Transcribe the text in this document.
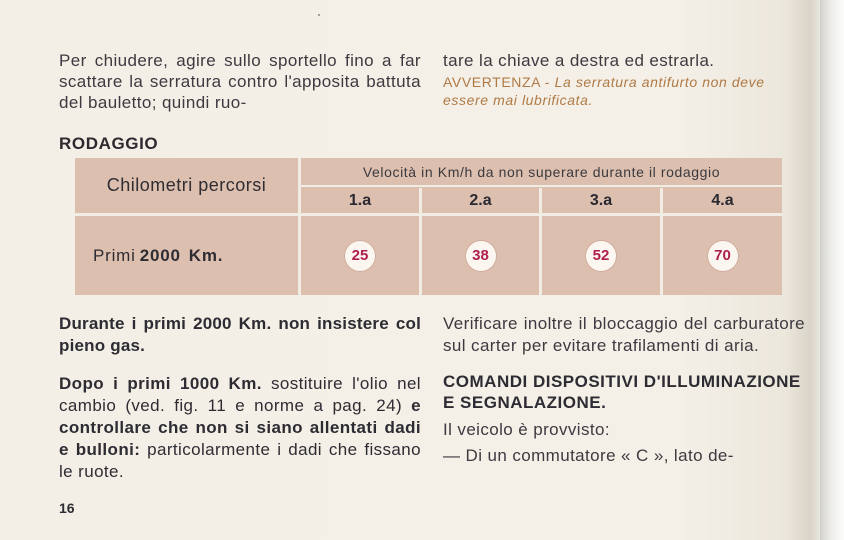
Per chiudere, agire sullo sportello fino a far scattare la serratura contro l'apposita battuta del bauletto; quindi ruo-

tare la chiave a destra ed estrarla.

AVVERTENZA - La serratura antifurto non deve essere mai lubrificata.

RODAGGIO
Chilometri percorsi
Velocità in Km/h da non superare durante il rodaggio
1.a	2.a	3.a	4.a
Primi 2000 Km.	25	38	52	70

Durante i primi 2000 Km. non insistere col pieno gas.

Dopo i primi 1000 Km. sostituire l'olio nel cambio (ved. fig. 11 e norme a pag. 24) e controllare che non si siano allentati dadi e bulloni: particolarmente i dadi che fissano le ruote.

Verificare inoltre il bloccaggio del carburatore sul carter per evitare trafilamenti di aria.

COMANDI DISPOSITIVI D'ILLUMINAZIONE E SEGNALAZIONE.

Il veicolo è provvisto:

— Di un commutatore « C », lato de-

16
